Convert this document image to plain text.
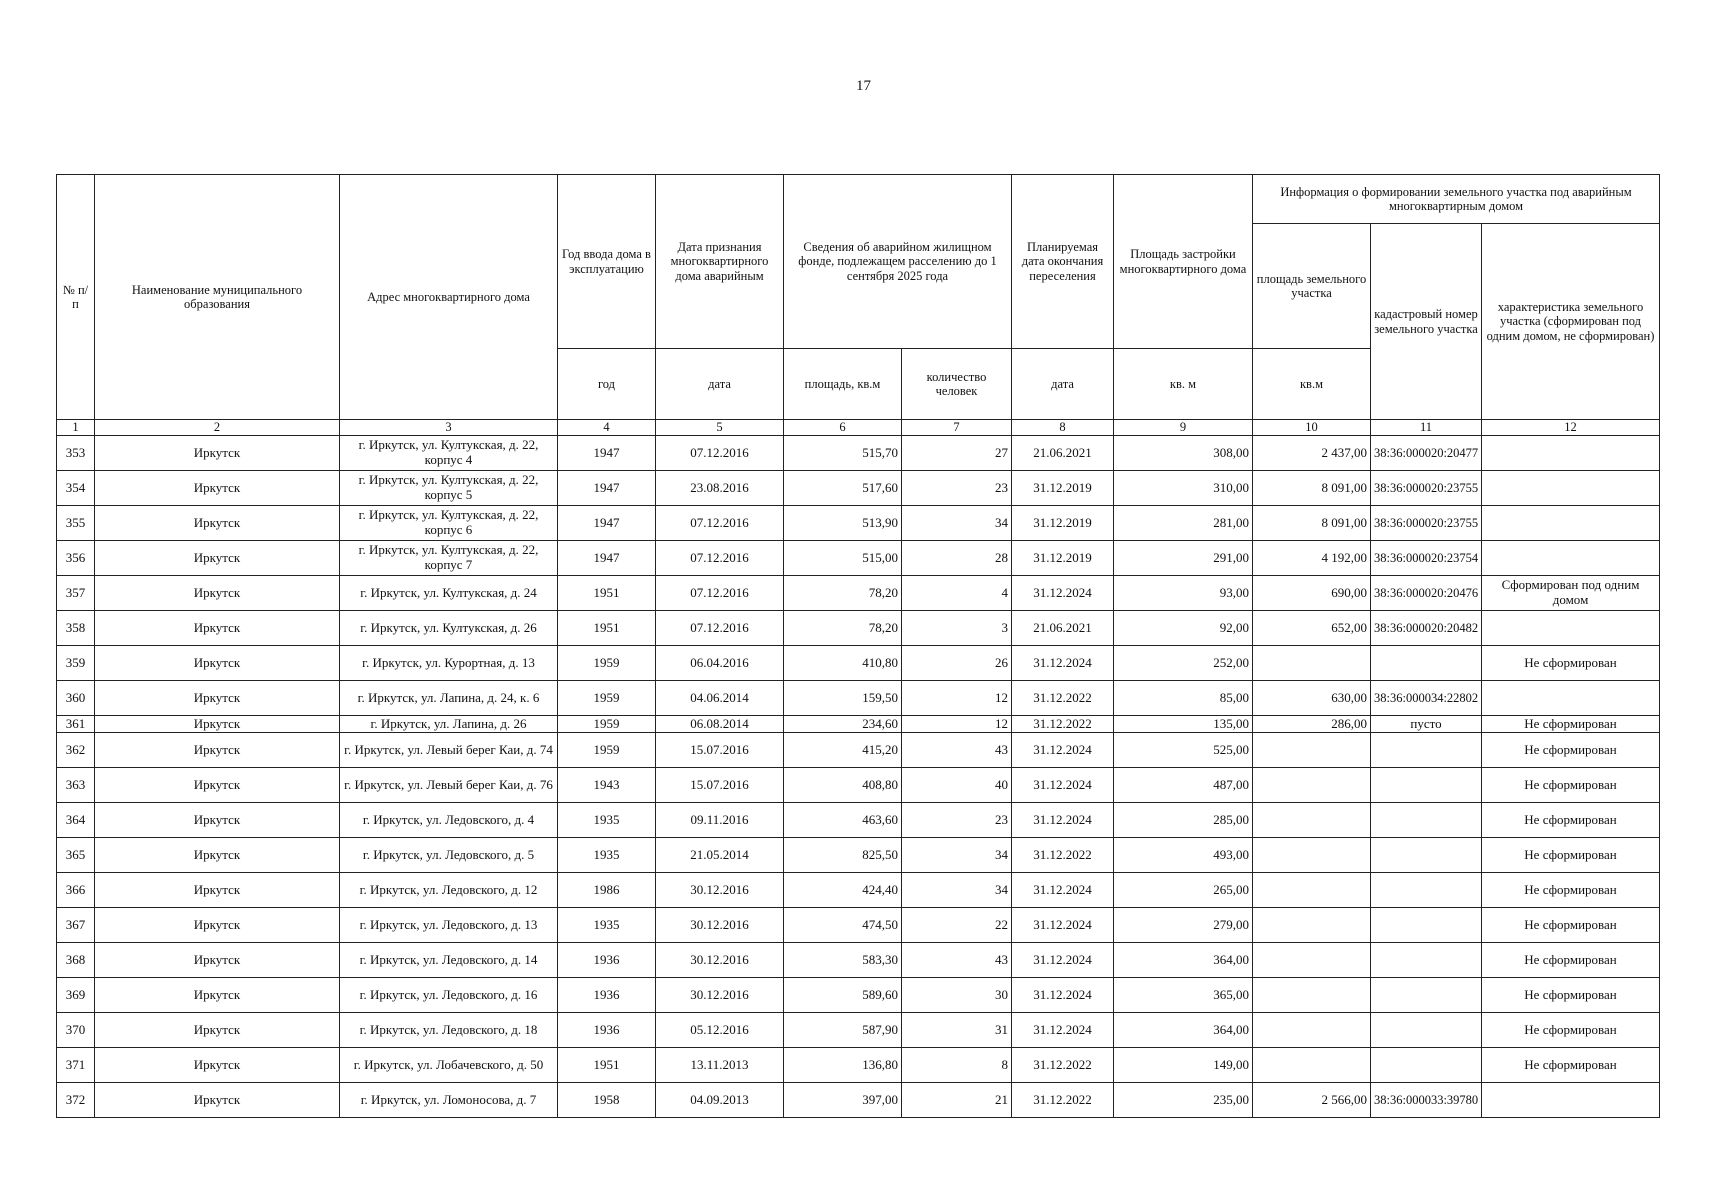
17
№ п/п	Наименование муниципального образования	Адрес многоквартирного дома	Год ввода дома в эксплуатацию	Дата признания многоквартирного дома аварийным	Сведения об аварийном жилищном фонде, подлежащем расселению до 1 сентября 2025 года		Планируемая дата окончания переселения	Площадь застройки многоквартирного дома	Информация о формировании земельного участка под аварийным многоквартирным домом		
									площадь земельного участка	кадастровый номер земельного участка	характеристика земельного участка (сформирован под одним домом, не сформирован)
			год	дата	площадь, кв.м	количество человек	дата	кв. м	кв.м		
1	2	3	4	5	6	7	8	9	10	11	12
353	Иркутск	г. Иркутск, ул. Култукская, д. 22, корпус 4	1947	07.12.2016	515,70	27	21.06.2021	308,00	2 437,00	38:36:000020:20477	
354	Иркутск	г. Иркутск, ул. Култукская, д. 22, корпус 5	1947	23.08.2016	517,60	23	31.12.2019	310,00	8 091,00	38:36:000020:23755	
355	Иркутск	г. Иркутск, ул. Култукская, д. 22, корпус 6	1947	07.12.2016	513,90	34	31.12.2019	281,00	8 091,00	38:36:000020:23755	
356	Иркутск	г. Иркутск, ул. Култукская, д. 22, корпус 7	1947	07.12.2016	515,00	28	31.12.2019	291,00	4 192,00	38:36:000020:23754	
357	Иркутск	г. Иркутск, ул. Култукская, д. 24	1951	07.12.2016	78,20	4	31.12.2024	93,00	690,00	38:36:000020:20476	Сформирован под одним домом
358	Иркутск	г. Иркутск, ул. Култукская, д. 26	1951	07.12.2016	78,20	3	21.06.2021	92,00	652,00	38:36:000020:20482	
359	Иркутск	г. Иркутск, ул. Курортная, д. 13	1959	06.04.2016	410,80	26	31.12.2024	252,00			Не сформирован
360	Иркутск	г. Иркутск, ул. Лапина, д. 24, к. 6	1959	04.06.2014	159,50	12	31.12.2022	85,00	630,00	38:36:000034:22802	
361	Иркутск	г. Иркутск, ул. Лапина, д. 26	1959	06.08.2014	234,60	12	31.12.2022	135,00	286,00	пусто	Не сформирован
362	Иркутск	г. Иркутск, ул. Левый берег Каи, д. 74	1959	15.07.2016	415,20	43	31.12.2024	525,00			Не сформирован
363	Иркутск	г. Иркутск, ул. Левый берег Каи, д. 76	1943	15.07.2016	408,80	40	31.12.2024	487,00			Не сформирован
364	Иркутск	г. Иркутск, ул. Ледовского, д. 4	1935	09.11.2016	463,60	23	31.12.2024	285,00			Не сформирован
365	Иркутск	г. Иркутск, ул. Ледовского, д. 5	1935	21.05.2014	825,50	34	31.12.2022	493,00			Не сформирован
366	Иркутск	г. Иркутск, ул. Ледовского, д. 12	1986	30.12.2016	424,40	34	31.12.2024	265,00			Не сформирован
367	Иркутск	г. Иркутск, ул. Ледовского, д. 13	1935	30.12.2016	474,50	22	31.12.2024	279,00			Не сформирован
368	Иркутск	г. Иркутск, ул. Ледовского, д. 14	1936	30.12.2016	583,30	43	31.12.2024	364,00			Не сформирован
369	Иркутск	г. Иркутск, ул. Ледовского, д. 16	1936	30.12.2016	589,60	30	31.12.2024	365,00			Не сформирован
370	Иркутск	г. Иркутск, ул. Ледовского, д. 18	1936	05.12.2016	587,90	31	31.12.2024	364,00			Не сформирован
371	Иркутск	г. Иркутск, ул. Лобачевского, д. 50	1951	13.11.2013	136,80	8	31.12.2022	149,00			Не сформирован
372	Иркутск	г. Иркутск, ул. Ломоносова, д. 7	1958	04.09.2013	397,00	21	31.12.2022	235,00	2 566,00	38:36:000033:39780	
